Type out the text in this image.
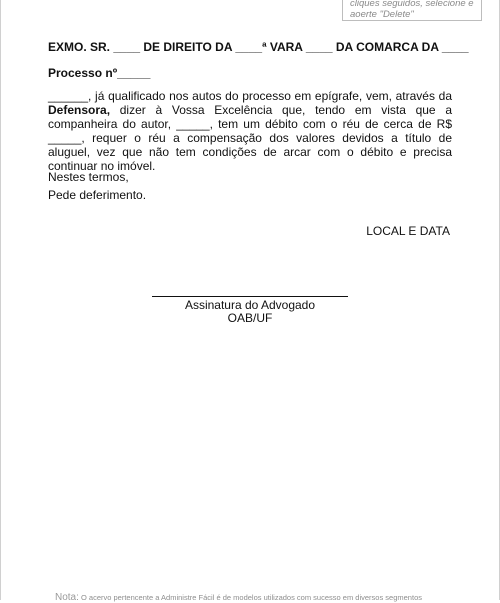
cliques seguidos, selecione e
aoerte "Delete"
EXMO. SR. ____ DE DIREITO DA ____ª VARA ____ DA COMARCA DA ____
Processo nº_____
______, já qualificado nos autos do processo em epígrafe, vem, através da Defensora, dizer à Vossa Excelência que, tendo em vista que a companheira do autor, _____, tem um débito com o réu de cerca de R$ _____, requer o réu a compensação dos valores devidos a título de aluguel, vez que não tem condições de arcar com o débito e precisa continuar no imóvel.
Nestes termos,
Pede deferimento.
LOCAL E DATA
Assinatura do Advogado
OAB/UF
Nota: O acervo pertencente a Administre Fácil é de modelos utilizados com sucesso em diversos segmentos
